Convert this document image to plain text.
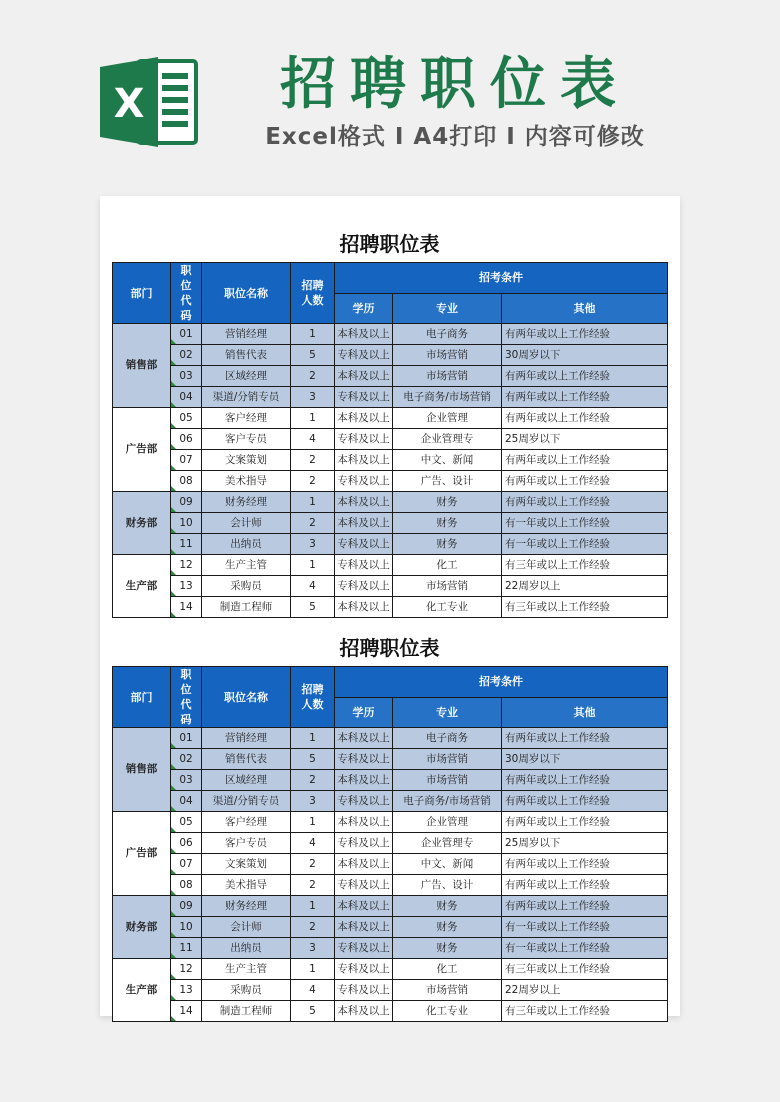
X	招聘职位表
Excel格式 I A4打印 I 内容可修改
招聘职位表
部门	职位代码	职位名称	招聘人数	招考条件		
				学历	专业	其他
销售部	01	营销经理	1	本科及以上	电子商务	有两年或以上工作经验
	02	销售代表	5	专科及以上	市场营销	30周岁以下
	03	区域经理	2	本科及以上	市场营销	有两年或以上工作经验
	04	渠道/分销专员	3	专科及以上	电子商务/市场营销	有两年或以上工作经验
广告部	05	客户经理	1	本科及以上	企业管理	有两年或以上工作经验
	06	客户专员	4	专科及以上	企业管理专	25周岁以下
	07	文案策划	2	本科及以上	中文、新闻	有两年或以上工作经验
	08	美术指导	2	专科及以上	广告、设计	有两年或以上工作经验
财务部	09	财务经理	1	本科及以上	财务	有两年或以上工作经验
	10	会计师	2	本科及以上	财务	有一年或以上工作经验
	11	出纳员	3	专科及以上	财务	有一年或以上工作经验
生产部	12	生产主管	1	专科及以上	化工	有三年或以上工作经验
	13	采购员	4	专科及以上	市场营销	22周岁以上
	14	制造工程师	5	本科及以上	化工专业	有三年或以上工作经验
招聘职位表
部门	职位代码	职位名称	招聘人数	招考条件		
				学历	专业	其他
销售部	01	营销经理	1	本科及以上	电子商务	有两年或以上工作经验
	02	销售代表	5	专科及以上	市场营销	30周岁以下
	03	区域经理	2	本科及以上	市场营销	有两年或以上工作经验
	04	渠道/分销专员	3	专科及以上	电子商务/市场营销	有两年或以上工作经验
广告部	05	客户经理	1	本科及以上	企业管理	有两年或以上工作经验
	06	客户专员	4	专科及以上	企业管理专	25周岁以下
	07	文案策划	2	本科及以上	中文、新闻	有两年或以上工作经验
	08	美术指导	2	专科及以上	广告、设计	有两年或以上工作经验
财务部	09	财务经理	1	本科及以上	财务	有两年或以上工作经验
	10	会计师	2	本科及以上	财务	有一年或以上工作经验
	11	出纳员	3	专科及以上	财务	有一年或以上工作经验
生产部	12	生产主管	1	专科及以上	化工	有三年或以上工作经验
	13	采购员	4	专科及以上	市场营销	22周岁以上
	14	制造工程师	5	本科及以上	化工专业	有三年或以上工作经验
